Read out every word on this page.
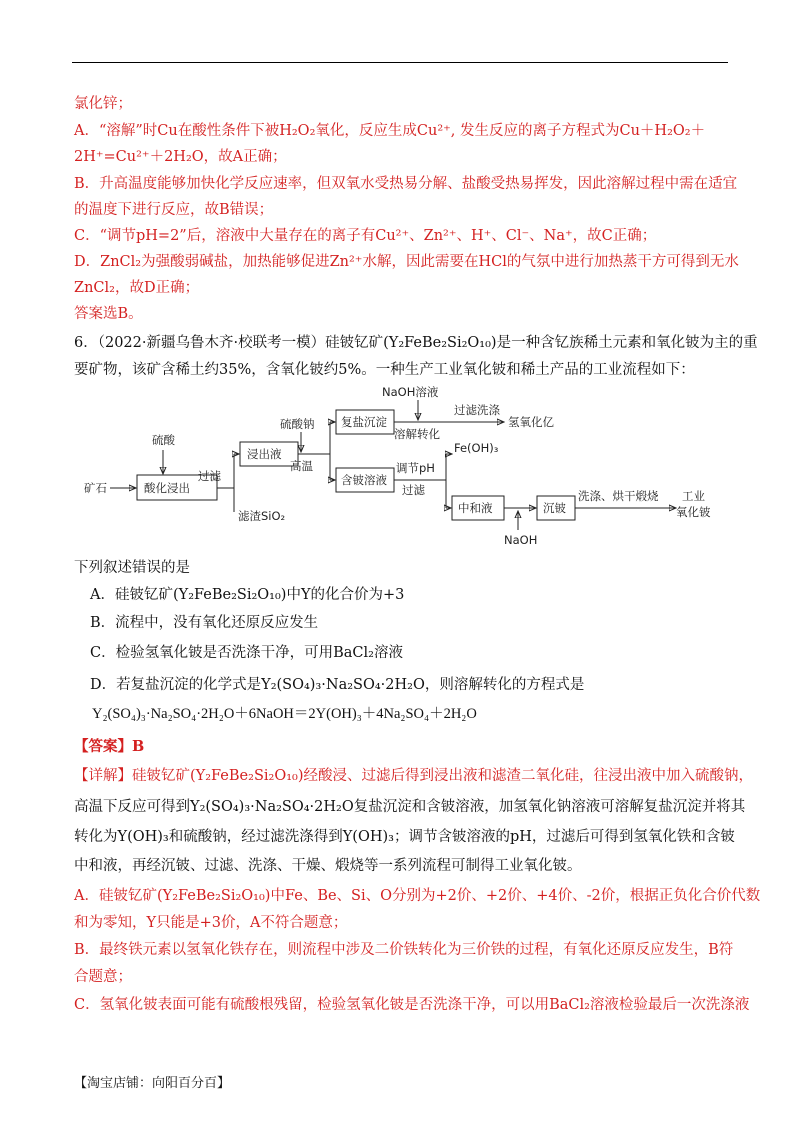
氯化锌；
A．“溶解”时Cu在酸性条件下被H₂O₂氧化，反应生成Cu²⁺, 发生反应的离子方程式为Cu＋H₂O₂＋
2H⁺=Cu²⁺＋2H₂O，故A正确；
B．升高温度能够加快化学反应速率，但双氧水受热易分解、盐酸受热易挥发，因此溶解过程中需在适宜
的温度下进行反应，故B错误；
C．“调节pH=2”后，溶液中大量存在的离子有Cu²⁺、Zn²⁺、H⁺、Cl⁻、Na⁺，故C正确；
D．ZnCl₂为强酸弱碱盐，加热能够促进Zn²⁺水解，因此需要在HCl的气氛中进行加热蒸干方可得到无水
ZnCl₂，故D正确；
答案选B。
6．（2022·新疆乌鲁木齐·校联考一模）硅铍钇矿(Y₂FeBe₂Si₂O₁₀)是一种含钇族稀土元素和氧化铍为主的重
要矿物，该矿含稀土约35%，含氧化铍约5%。一种生产工业氧化铍和稀土产品的工业流程如下：
矿石
硫酸
酸化浸出
过滤
滤渣SiO₂
浸出液
硫酸钠
高温
复盐沉淀
NaOH溶液
溶解转化
过滤洗涤
氢氧化亿
含铍溶液
调节pH
过滤
Fe(OH)₃
中和液
NaOH
沉铍
洗涤、烘干煅烧 工业
氧化铍
下列叙述错误的是
A．硅铍钇矿(Y₂FeBe₂Si₂O₁₀)中Y的化合价为+3
B．流程中，没有氧化还原反应发生
C．检验氢氧化铍是否洗涤干净，可用BaCl₂溶液
D．若复盐沉淀的化学式是Y₂(SO₄)₃·Na₂SO₄·2H₂O，则溶解转化的方程式是
Y₂(SO₄)₃·Na₂SO₄·2H₂O＋6NaOH＝2Y(OH)₃＋4Na₂SO₄＋2H₂O
【答案】B
【详解】硅铍钇矿(Y₂FeBe₂Si₂O₁₀)经酸浸、过滤后得到浸出液和滤渣二氧化硅，往浸出液中加入硫酸钠，
高温下反应可得到Y₂(SO₄)₃·Na₂SO₄·2H₂O复盐沉淀和含铍溶液，加氢氧化钠溶液可溶解复盐沉淀并将其
转化为Y(OH)₃和硫酸钠，经过滤洗涤得到Y(OH)₃；调节含铍溶液的pH，过滤后可得到氢氧化铁和含铍
中和液，再经沉铍、过滤、洗涤、干燥、煅烧等一系列流程可制得工业氧化铍。
A．硅铍钇矿(Y₂FeBe₂Si₂O₁₀)中Fe、Be、Si、O分别为+2价、+2价、+4价、-2价，根据正负化合价代数
和为零知，Y只能是+3价，A不符合题意；
B．最终铁元素以氢氧化铁存在，则流程中涉及二价铁转化为三价铁的过程，有氧化还原反应发生，B符
合题意；
C．氢氧化铍表面可能有硫酸根残留，检验氢氧化铍是否洗涤干净，可以用BaCl₂溶液检验最后一次洗涤液
【淘宝店铺：向阳百分百】
